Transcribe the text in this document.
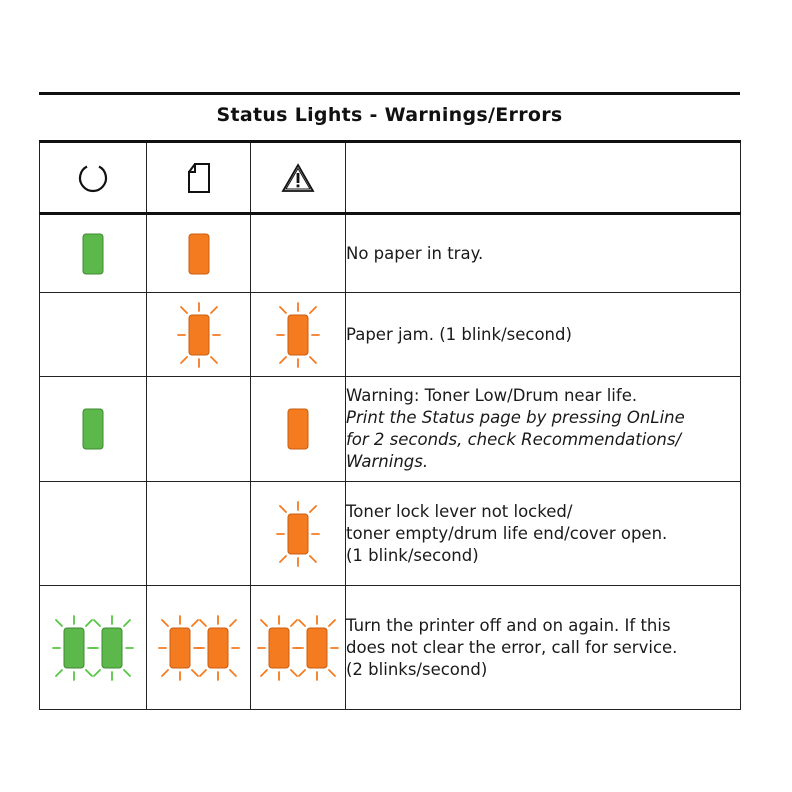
Status Lights - Warnings/Errors

No paper in tray.

Paper jam. (1 blink/second)

Warning: Toner Low/Drum near life.
Print the Status page by pressing OnLine
for 2 seconds, check Recommendations/
Warnings.

Toner lock lever not locked/
toner empty/drum life end/cover open.
(1 blink/second)

Turn the printer off and on again. If this
does not clear the error, call for service.
(2 blinks/second)
